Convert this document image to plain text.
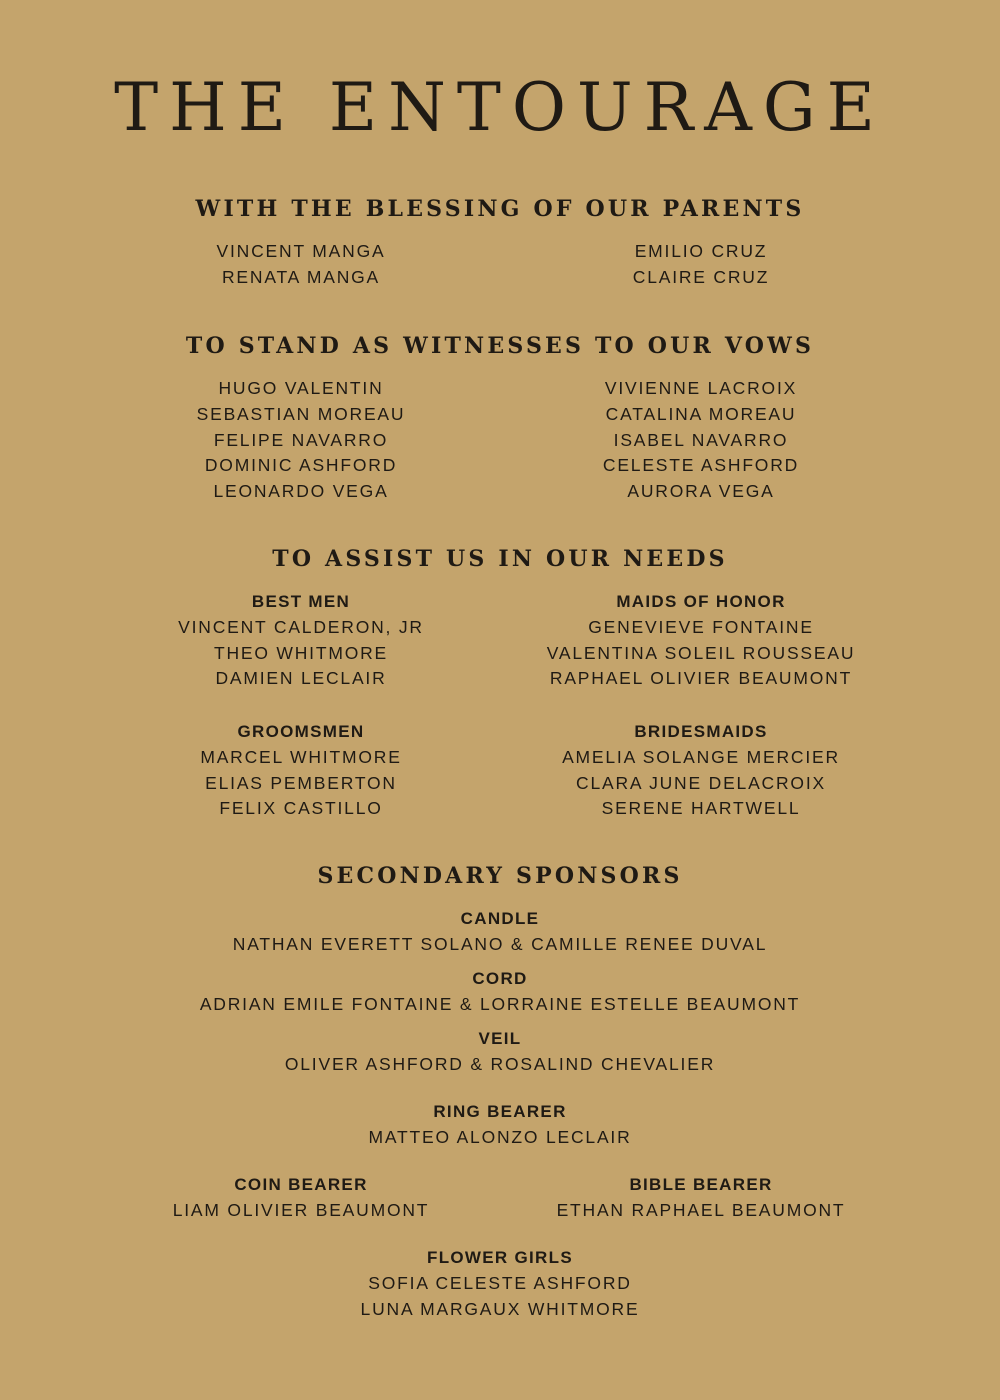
THE ENTOURAGE
WITH THE BLESSING OF OUR PARENTS
VINCENT MANGA
RENATA MANGA
EMILIO CRUZ
CLAIRE CRUZ
TO STAND AS WITNESSES TO OUR VOWS
HUGO VALENTIN
SEBASTIAN MOREAU
FELIPE NAVARRO
DOMINIC ASHFORD
LEONARDO VEGA
VIVIENNE LACROIX
CATALINA MOREAU
ISABEL NAVARRO
CELESTE ASHFORD
AURORA VEGA
TO ASSIST US IN OUR NEEDS
BEST MEN
VINCENT CALDERON, JR
THEO WHITMORE
DAMIEN LECLAIR
MAIDS OF HONOR
GENEVIEVE FONTAINE
VALENTINA SOLEIL ROUSSEAU
RAPHAEL OLIVIER BEAUMONT
GROOMSMEN
MARCEL WHITMORE
ELIAS PEMBERTON
FELIX CASTILLO
BRIDESMAIDS
AMELIA SOLANGE MERCIER
CLARA JUNE DELACROIX
SERENE HARTWELL
SECONDARY SPONSORS
CANDLE
NATHAN EVERETT SOLANO & CAMILLE RENEE DUVAL
CORD
ADRIAN EMILE FONTAINE & LORRAINE ESTELLE BEAUMONT
VEIL
OLIVER ASHFORD & ROSALIND CHEVALIER
RING BEARER
MATTEO ALONZO LECLAIR
COIN BEARER
LIAM OLIVIER BEAUMONT
BIBLE BEARER
ETHAN RAPHAEL BEAUMONT
FLOWER GIRLS
SOFIA CELESTE ASHFORD
LUNA MARGAUX WHITMORE
